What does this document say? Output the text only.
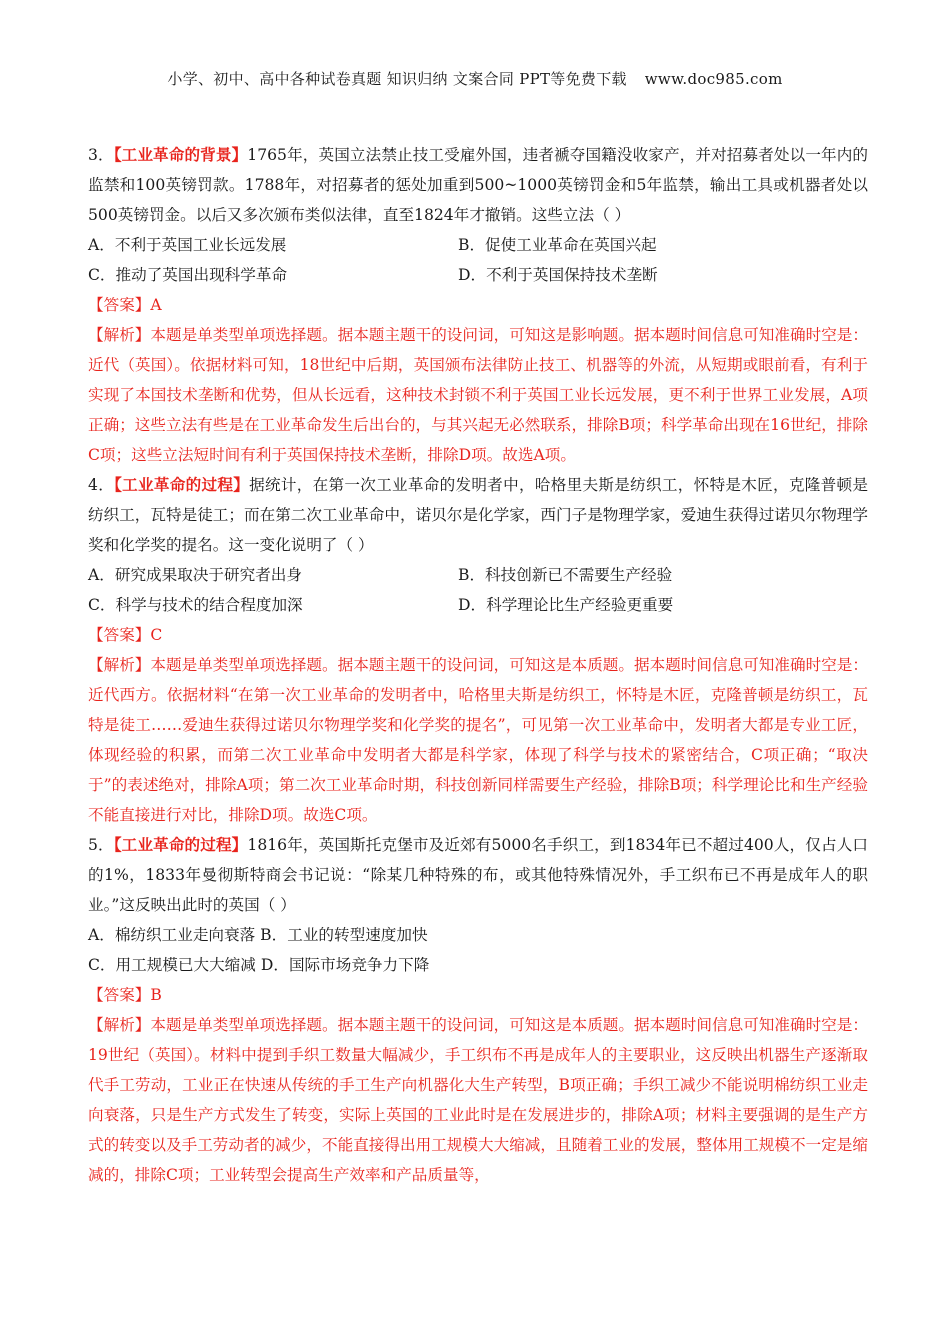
小学、初中、高中各种试卷真题 知识归纳 文案合同 PPT等免费下载 www.doc985.com
3．【工业革命的背景】1765年，英国立法禁止技工受雇外国，违者褫夺国籍没收家产，并对招募者处以一年内的监禁和100英镑罚款。1788年，对招募者的惩处加重到500~1000英镑罚金和5年监禁，输出工具或机器者处以500英镑罚金。以后又多次颁布类似法律，直至1824年才撤销。这些立法（ ）
A．不利于英国工业长远发展	B．促使工业革命在英国兴起
C．推动了英国出现科学革命	D．不利于英国保持技术垄断
【答案】A
【解析】本题是单类型单项选择题。据本题主题干的设问词，可知这是影响题。据本题时间信息可知准确时空是：近代（英国）。依据材料可知，18世纪中后期，英国颁布法律防止技工、机器等的外流，从短期或眼前看，有利于实现了本国技术垄断和优势，但从长远看，这种技术封锁不利于英国工业长远发展，更不利于世界工业发展，A项正确；这些立法有些是在工业革命发生后出台的，与其兴起无必然联系，排除B项；科学革命出现在16世纪，排除C项；这些立法短时间有利于英国保持技术垄断，排除D项。故选A项。
4．【工业革命的过程】据统计，在第一次工业革命的发明者中，哈格里夫斯是纺织工，怀特是木匠，克隆普顿是纺织工，瓦特是徒工；而在第二次工业革命中，诺贝尔是化学家，西门子是物理学家，爱迪生获得过诺贝尔物理学奖和化学奖的提名。这一变化说明了（ ）
A．研究成果取决于研究者出身	B．科技创新已不需要生产经验
C．科学与技术的结合程度加深	D．科学理论比生产经验更重要
【答案】C
【解析】本题是单类型单项选择题。据本题主题干的设问词，可知这是本质题。据本题时间信息可知准确时空是：近代西方。依据材料“在第一次工业革命的发明者中，哈格里夫斯是纺织工，怀特是木匠，克隆普顿是纺织工，瓦特是徒工……爱迪生获得过诺贝尔物理学奖和化学奖的提名”，可见第一次工业革命中，发明者大都是专业工匠，体现经验的积累，而第二次工业革命中发明者大都是科学家，体现了科学与技术的紧密结合，C项正确；“取决于”的表述绝对，排除A项；第二次工业革命时期，科技创新同样需要生产经验，排除B项；科学理论比和生产经验不能直接进行对比，排除D项。故选C项。
5．【工业革命的过程】1816年，英国斯托克堡市及近郊有5000名手织工，到1834年已不超过400人，仅占人口的1%，1833年曼彻斯特商会书记说：“除某几种特殊的布，或其他特殊情况外，手工织布已不再是成年人的职业。”这反映出此时的英国（ ）
A．棉纺织工业走向衰落 B．工业的转型速度加快
C．用工规模已大大缩减 D．国际市场竞争力下降
【答案】B
【解析】本题是单类型单项选择题。据本题主题干的设问词，可知这是本质题。据本题时间信息可知准确时空是：19世纪（英国）。材料中提到手织工数量大幅减少，手工织布不再是成年人的主要职业，这反映出机器生产逐渐取代手工劳动，工业正在快速从传统的手工生产向机器化大生产转型，B项正确；手织工减少不能说明棉纺织工业走向衰落，只是生产方式发生了转变，实际上英国的工业此时是在发展进步的，排除A项；材料主要强调的是生产方式的转变以及手工劳动者的减少，不能直接得出用工规模大大缩减，且随着工业的发展，整体用工规模不一定是缩减的，排除C项；工业转型会提高生产效率和产品质量等，
